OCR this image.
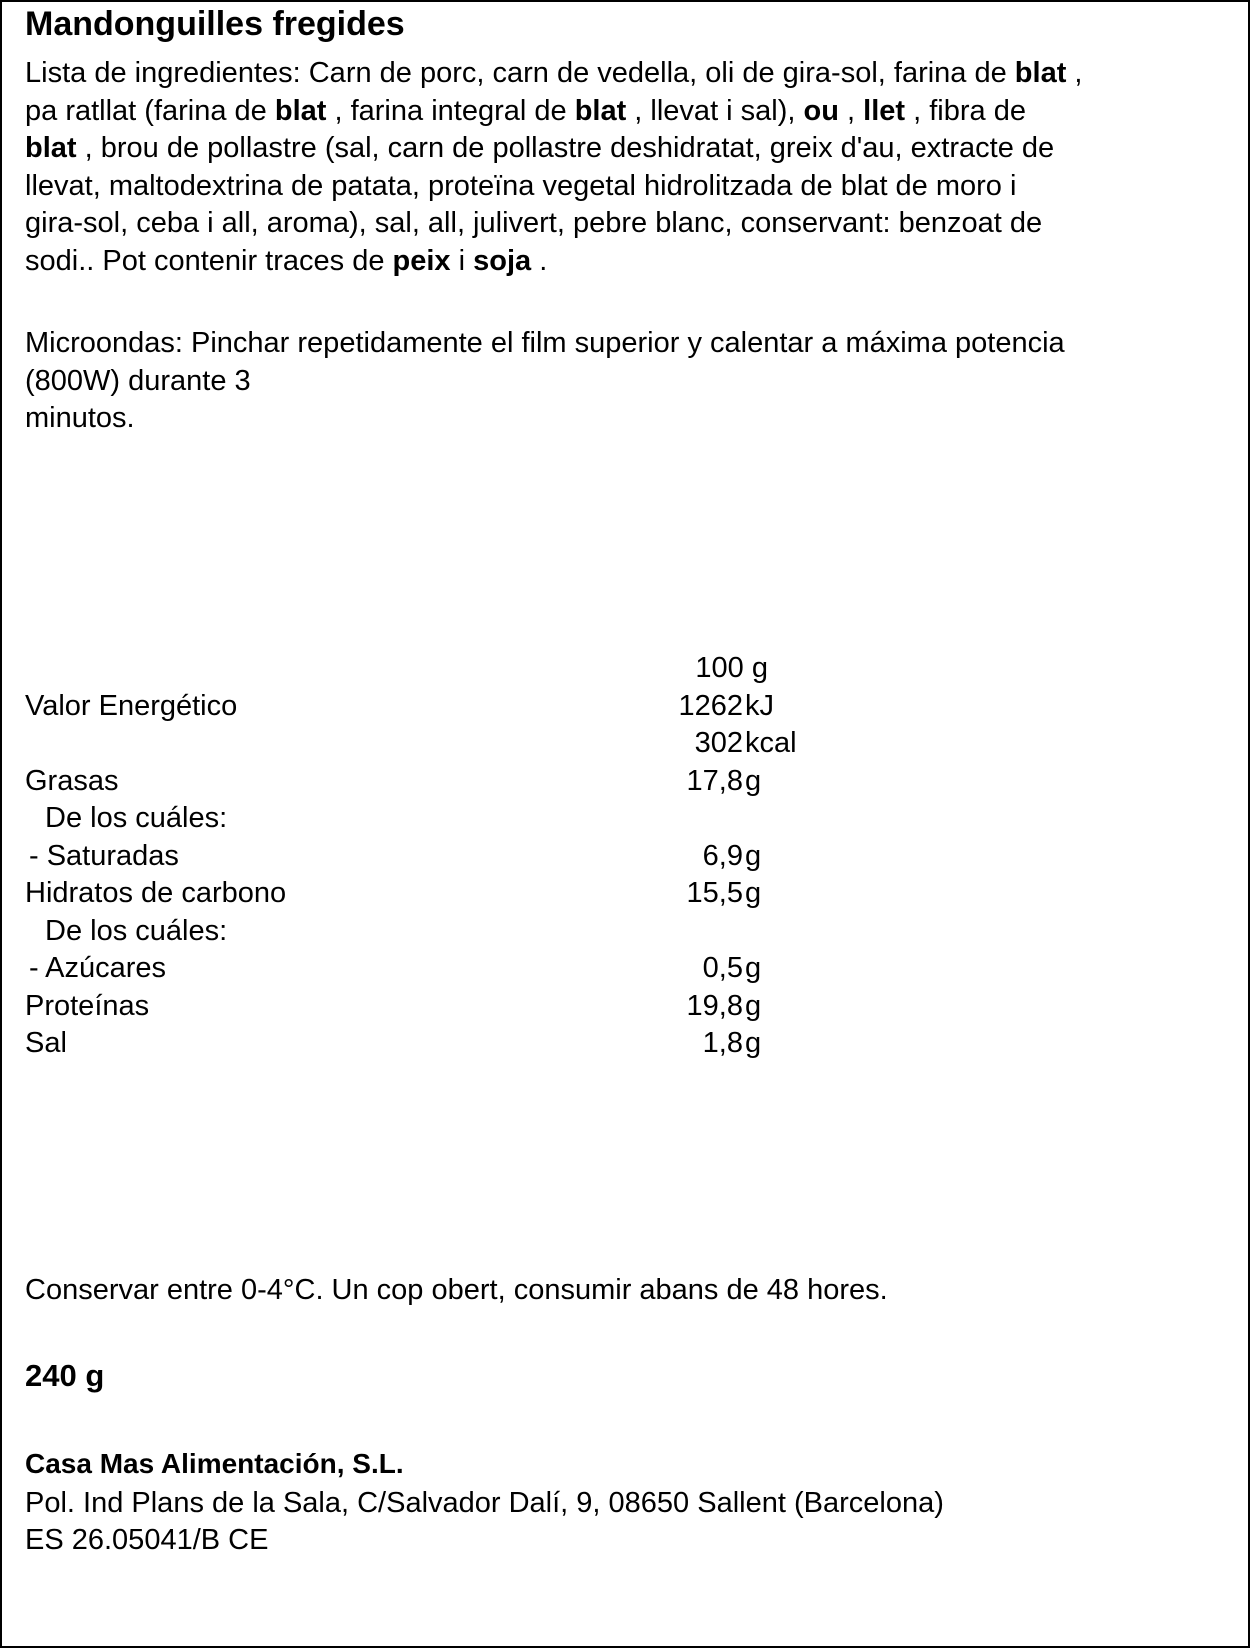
Mandonguilles fregides
Lista de ingredientes: Carn de porc, carn de vedella, oli de gira-sol, farina de blat ,
pa ratllat (farina de blat , farina integral de blat , llevat i sal), ou , llet , fibra de
blat , brou de pollastre (sal, carn de pollastre deshidratat, greix d'au, extracte de
llevat, maltodextrina de patata, proteïna vegetal hidrolitzada de blat de moro i
gira-sol, ceba i all, aroma), sal, all, julivert, pebre blanc, conservant: benzoat de
sodi.. Pot contenir traces de peix i soja .
Microondas: Pinchar repetidamente el film superior y calentar a máxima potencia
(800W) durante 3
minutos.
100 g
Valor Energético	1262 kJ
302 kcal
Grasas	17,8 g
De los cuáles:
- Saturadas	6,9 g
Hidratos de carbono	15,5 g
De los cuáles:
- Azúcares	0,5 g
Proteínas	19,8 g
Sal	1,8 g
Conservar entre 0-4°C. Un cop obert, consumir abans de 48 hores.
240 g
Casa Mas Alimentación, S.L.
Pol. Ind Plans de la Sala, C/Salvador Dalí, 9, 08650 Sallent (Barcelona)
ES 26.05041/B CE
